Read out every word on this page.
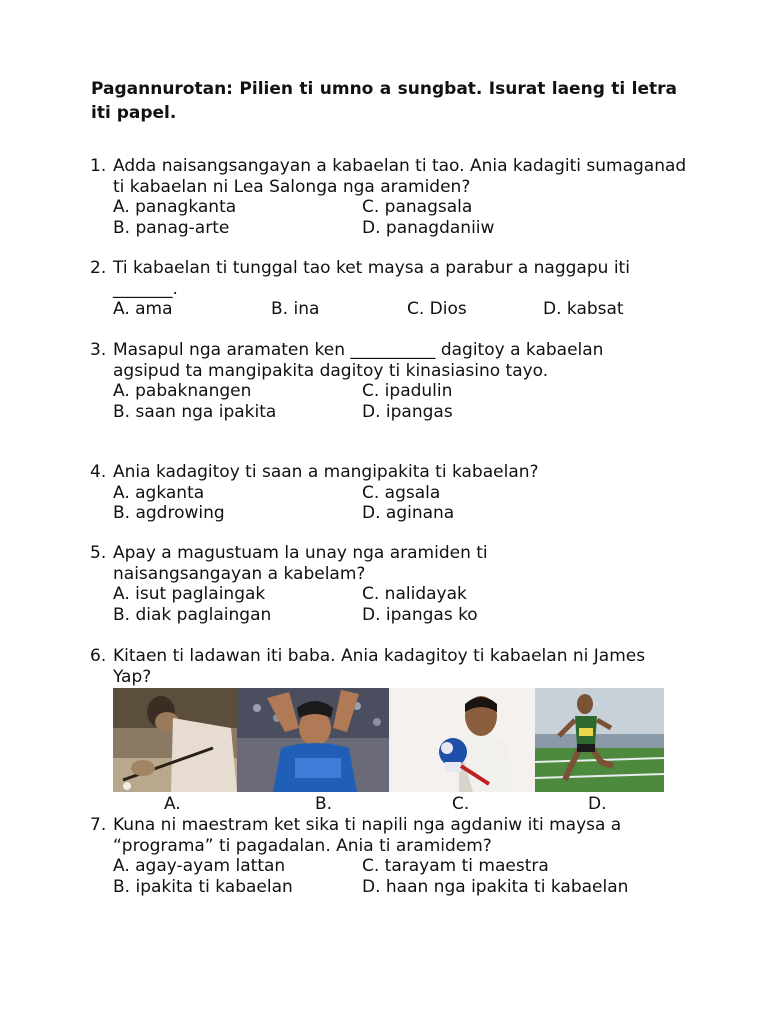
Pagannurotan: Pilien ti umno a sungbat. Isurat laeng ti letra iti papel.
1. Adda naisangsangayan a kabaelan ti tao. Ania kadagiti sumaganad ti kabaelan ni Lea Salonga nga aramiden?
A. panagkanta	C. panagsala
B. panag-arte	D. panagdaniiw
2. Ti kabaelan ti tunggal tao ket maysa a parabur a naggapu iti _______.
A. ama	B. ina	C. Dios	D. kabsat
3. Masapul nga aramaten ken __________ dagitoy a kabaelan agsipud ta mangipakita dagitoy ti kinasiasino tayo.
A. pabaknangen	C. ipadulin
B. saan nga ipakita	D. ipangas
4. Ania kadagitoy ti saan a mangipakita ti kabaelan?
A. agkanta	C. agsala
B. agdrowing	D. aginana
5. Apay a magustuam la unay nga aramiden ti naisangsangayan a kabelam?
A. isut paglaingak	C. nalidayak
B. diak paglaingan	D. ipangas ko
6. Kitaen ti ladawan iti baba. Ania kadagitoy ti kabaelan ni James Yap?
A.	B.	C.	D.
7. Kuna ni maestram ket sika ti napili nga agdaniw iti maysa a “programa” ti pagadalan. Ania ti aramidem?
A. agay-ayam lattan	C. tarayam ti maestra
B. ipakita ti kabaelan	D. haan nga ipakita ti kabaelan
